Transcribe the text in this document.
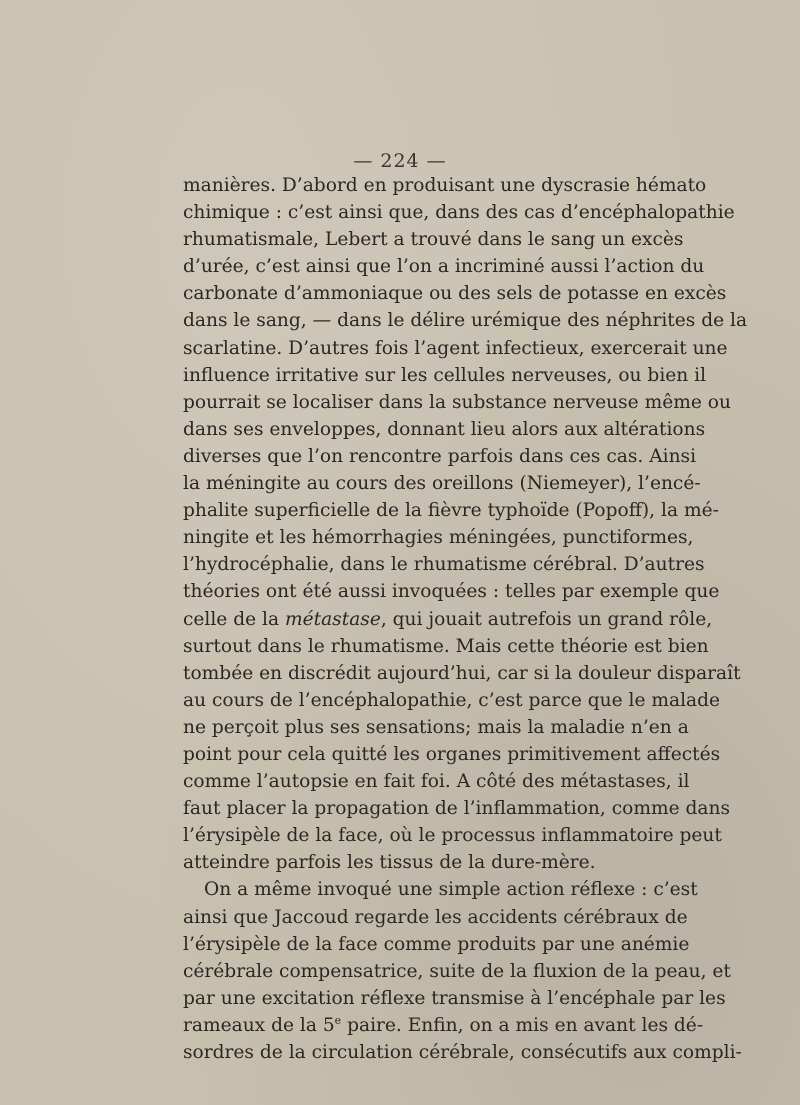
— 224 —
manières. D’abord en produisant une dyscrasie hémato
chimique : c’est ainsi que, dans des cas d’encéphalopathie
rhumatismale, Lebert a trouvé dans le sang un excès
d’urée, c’est ainsi que l’on a incriminé aussi l’action du
carbonate d’ammoniaque ou des sels de potasse en excès
dans le sang, — dans le délire urémique des néphrites de la
scarlatine. D’autres fois l’agent infectieux, exercerait une
influence irritative sur les cellules nerveuses, ou bien il
pourrait se localiser dans la substance nerveuse même ou
dans ses enveloppes, donnant lieu alors aux altérations
diverses que l’on rencontre parfois dans ces cas. Ainsi
la méningite au cours des oreillons (Niemeyer), l’encé-
phalite superficielle de la fièvre typhoïde (Popoff), la mé-
ningite et les hémorrhagies méningées, punctiformes,
l’hydrocéphalie, dans le rhumatisme cérébral. D’autres
théories ont été aussi invoquées : telles par exemple que
celle de la métastase, qui jouait autrefois un grand rôle,
surtout dans le rhumatisme. Mais cette théorie est bien
tombée en discrédit aujourd’hui, car si la douleur disparaît
au cours de l’encéphalopathie, c’est parce que le malade
ne perçoit plus ses sensations; mais la maladie n’en a
point pour cela quitté les organes primitivement affectés
comme l’autopsie en fait foi. A côté des métastases, il
faut placer la propagation de l’inflammation, comme dans
l’érysipèle de la face, où le processus inflammatoire peut
atteindre parfois les tissus de la dure-mère.
On a même invoqué une simple action réflexe : c’est
ainsi que Jaccoud regarde les accidents cérébraux de
l’érysipèle de la face comme produits par une anémie
cérébrale compensatrice, suite de la fluxion de la peau, et
par une excitation réflexe transmise à l’encéphale par les
rameaux de la 5e paire. Enfin, on a mis en avant les dé-
sordres de la circulation cérébrale, consécutifs aux compli-
